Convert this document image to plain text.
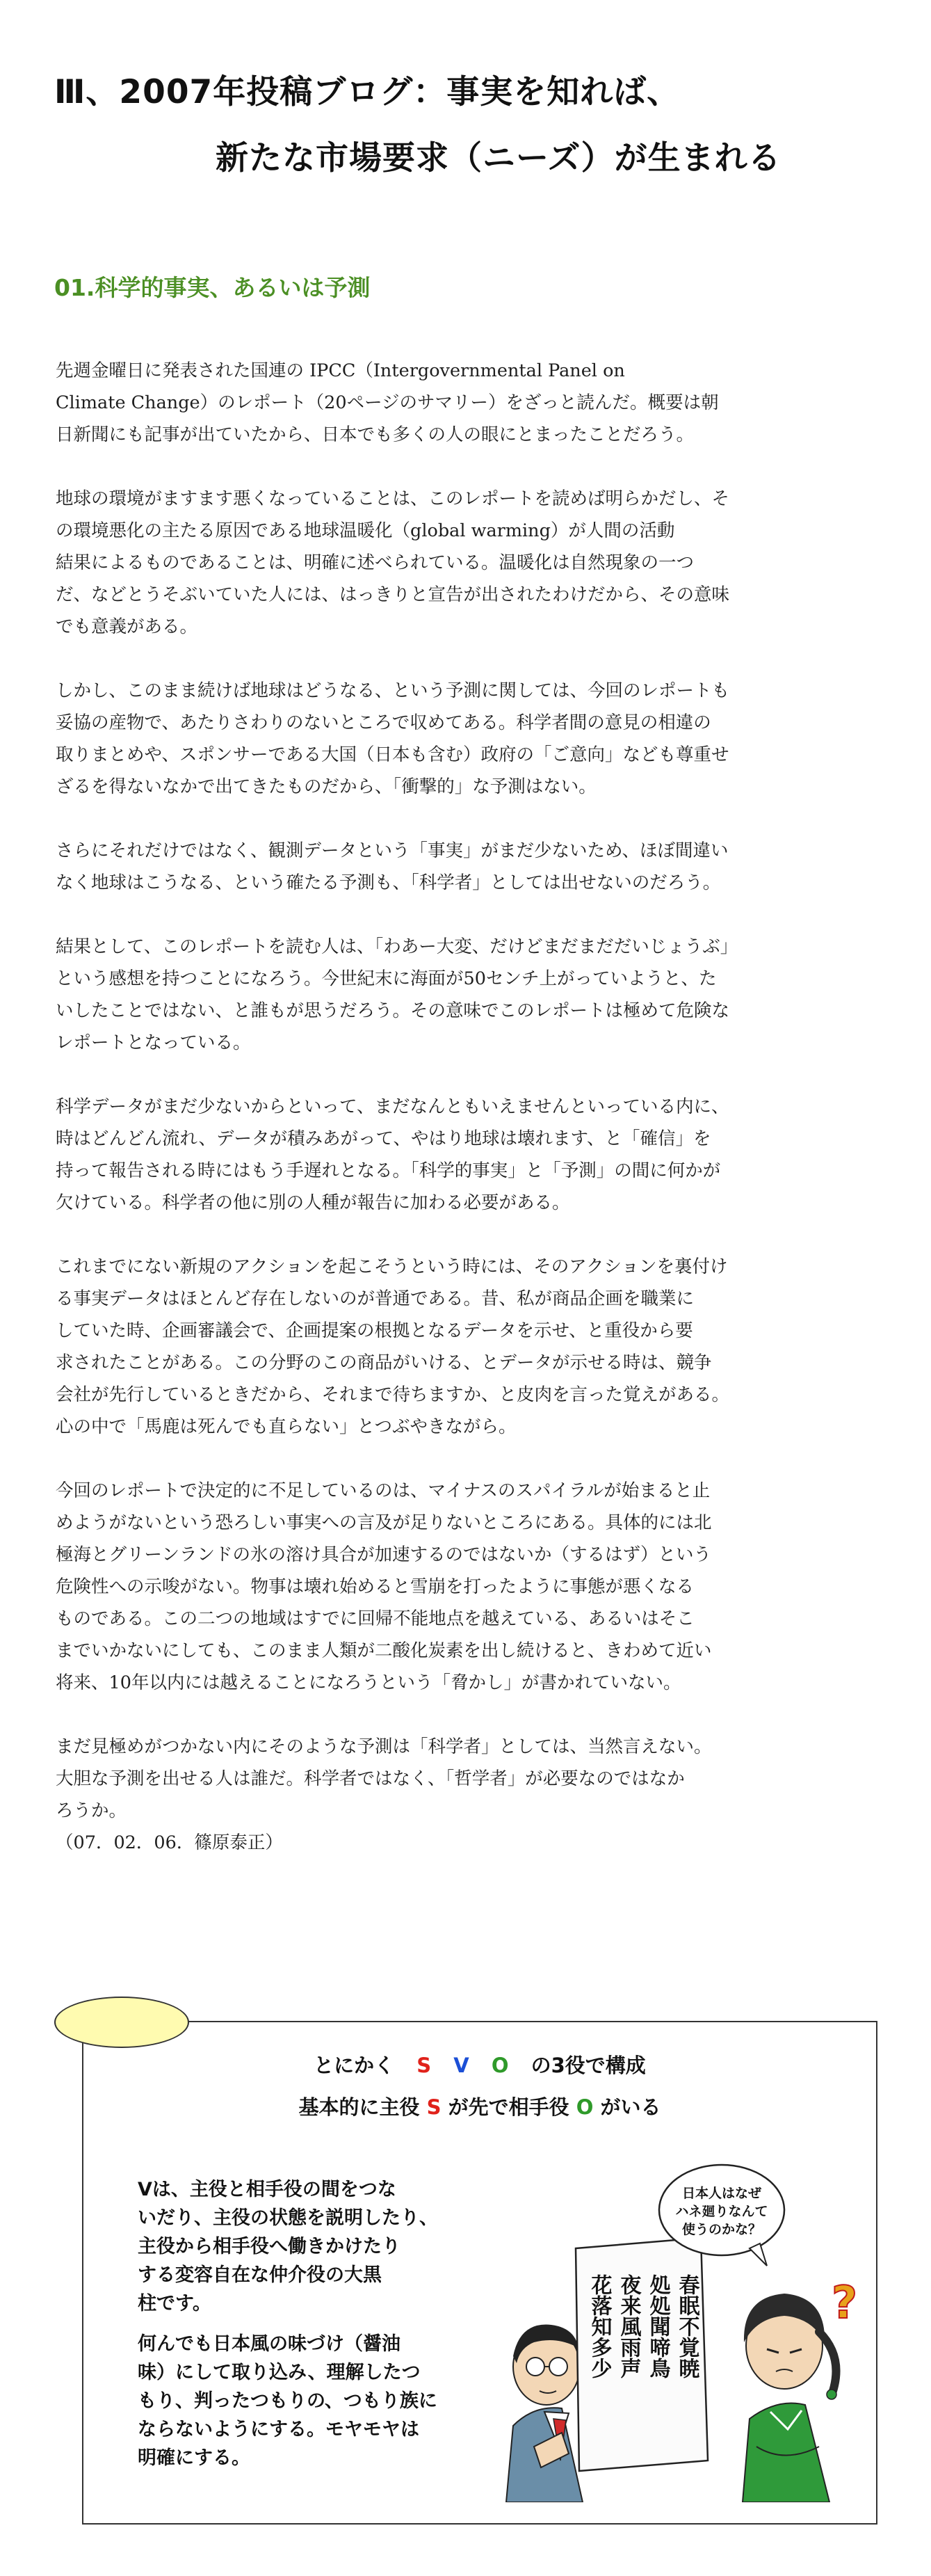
Ⅲ、2007年投稿ブログ：事実を知れば、
新たな市場要求（ニーズ）が生まれる
01.科学的事実、あるいは予測

先週金曜日に発表された国連の IPCC（Intergovernmental Panel on
Climate Change）のレポート（20ページのサマリー）をざっと読んだ。概要は朝
日新聞にも記事が出ていたから、日本でも多くの人の眼にとまったことだろう。

地球の環境がますます悪くなっていることは、このレポートを読めば明らかだし、そ
の環境悪化の主たる原因である地球温暖化（global warming）が人間の活動
結果によるものであることは、明確に述べられている。温暖化は自然現象の一つ
だ、などとうそぶいていた人には、はっきりと宣告が出されたわけだから、その意味
でも意義がある。

しかし、このまま続けば地球はどうなる、という予測に関しては、今回のレポートも
妥協の産物で、あたりさわりのないところで収めてある。科学者間の意見の相違の
取りまとめや、スポンサーである大国（日本も含む）政府の「ご意向」なども尊重せ
ざるを得ないなかで出てきたものだから、「衝撃的」な予測はない。

さらにそれだけではなく、観測データという「事実」がまだ少ないため、ほぼ間違い
なく地球はこうなる、という確たる予測も、「科学者」としては出せないのだろう。

結果として、このレポートを読む人は、「わあー大変、だけどまだまだだいじょうぶ」
という感想を持つことになろう。今世紀末に海面が50センチ上がっていようと、た
いしたことではない、と誰もが思うだろう。その意味でこのレポートは極めて危険な
レポートとなっている。

科学データがまだ少ないからといって、まだなんともいえませんといっている内に、
時はどんどん流れ、データが積みあがって、やはり地球は壊れます、と「確信」を
持って報告される時にはもう手遅れとなる。「科学的事実」と「予測」の間に何かが
欠けている。科学者の他に別の人種が報告に加わる必要がある。

これまでにない新規のアクションを起こそうという時には、そのアクションを裏付け
る事実データはほとんど存在しないのが普通である。昔、私が商品企画を職業に
していた時、企画審議会で、企画提案の根拠となるデータを示せ、と重役から要
求されたことがある。この分野のこの商品がいける、とデータが示せる時は、競争
会社が先行しているときだから、それまで待ちますか、と皮肉を言った覚えがある。
心の中で「馬鹿は死んでも直らない」とつぶやきながら。

今回のレポートで決定的に不足しているのは、マイナスのスパイラルが始まると止
めようがないという恐ろしい事実への言及が足りないところにある。具体的には北
極海とグリーンランドの氷の溶け具合が加速するのではないか（するはず）という
危険性への示唆がない。物事は壊れ始めると雪崩を打ったように事態が悪くなる
ものである。この二つの地域はすでに回帰不能地点を越えている、あるいはそこ
までいかないにしても、このまま人類が二酸化炭素を出し続けると、きわめて近い
将来、10年以内には越えることになろうという「脅かし」が書かれていない。

まだ見極めがつかない内にそのような予測は「科学者」としては、当然言えない。
大胆な予測を出せる人は誰だ。科学者ではなく、「哲学者」が必要なのではなか
ろうか。

（07．02．06．篠原泰正）

とにかく S V O の3役で構成
基本的に主役 S が先で相手役 O がいる
Vは、主役と相手役の間をつな
いだり、主役の状態を説明したり、
主役から相手役へ働きかけたり
する変容自在な仲介役の大黒
柱です。
何んでも日本風の味づけ（醤油
味）にして取り込み、理解したつ
もり、判ったつもりの、つもり族に
ならないようにする。モヤモヤは
明確にする。
春眠不覚暁
処処聞啼鳥
夜来風雨声
花落知多少
日本人はなぜ
ハネ廻りなんて
使うのかな？
?
